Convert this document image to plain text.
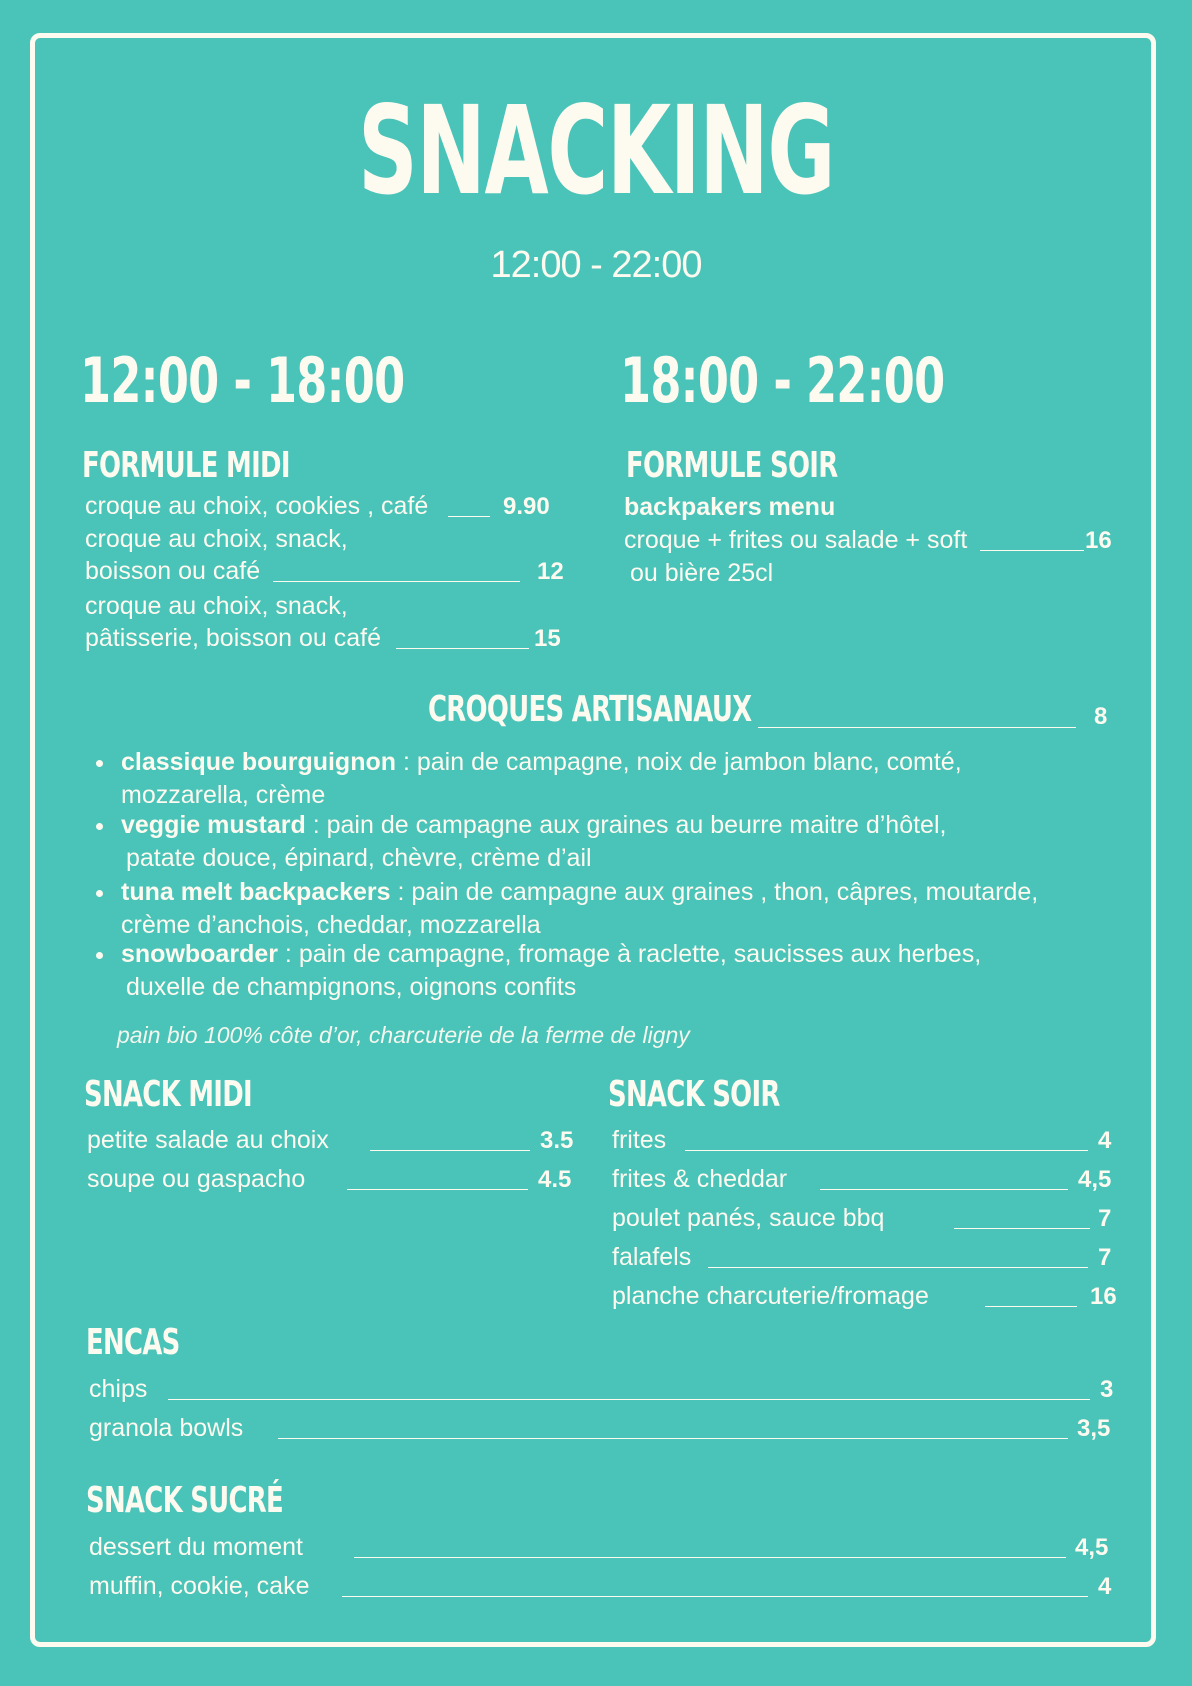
SNACKING
12:00 - 22:00
12:00 - 18:00
FORMULE MIDI
croque au choix, cookies , café	9.90
croque au choix, snack,
boisson ou café	12
croque au choix, snack,
pâtisserie, boisson ou café	15
18:00 - 22:00
FORMULE SOIR
backpakers menu
croque + frites ou salade + soft	16
ou bière 25cl
CROQUES ARTISANAUX	8
classique bourguignon : pain de campagne, noix de jambon blanc, comté,
mozzarella, crème
veggie mustard : pain de campagne aux graines au beurre maitre d’hôtel,
patate douce, épinard, chèvre, crème d’ail
tuna melt backpackers : pain de campagne aux graines , thon, câpres, moutarde,
crème d’anchois, cheddar, mozzarella
snowboarder : pain de campagne, fromage à raclette, saucisses aux herbes,
duxelle de champignons, oignons confits
pain bio 100% côte d’or, charcuterie de la ferme de ligny
SNACK MIDI
petite salade au choix	3.5
soupe ou gaspacho	4.5
SNACK SOIR
frites	4
frites & cheddar	4,5
poulet panés, sauce bbq	7
falafels	7
planche charcuterie/fromage	16
ENCAS
chips	3
granola bowls	3,5
SNACK SUCRÉ
dessert du moment	4,5
muffin, cookie, cake	4
